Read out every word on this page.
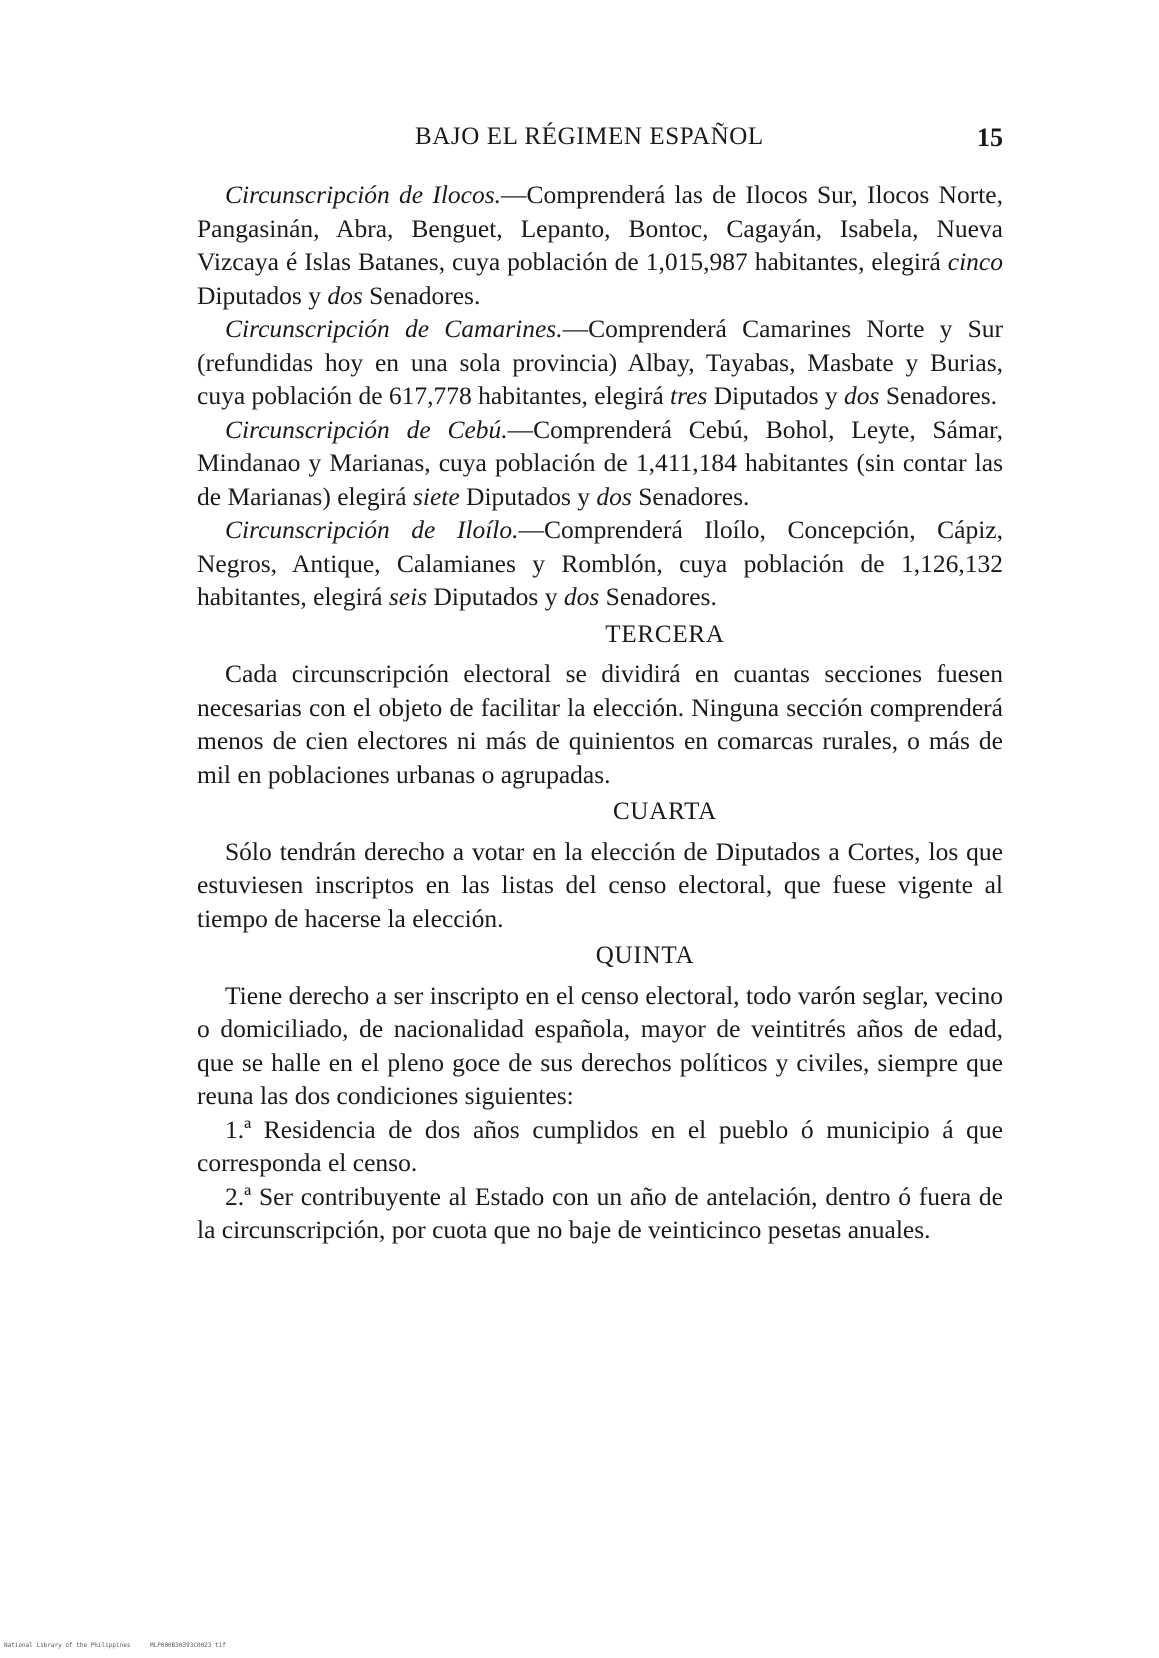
BAJO EL RÉGIMEN ESPAÑOL	15

Circunscripción de Ilocos.—Comprenderá las de Ilocos Sur, Ilocos Norte, Pangasinán, Abra, Benguet, Lepanto, Bontoc, Cagayán, Isabela, Nueva Vizcaya é Islas Batanes, cuya población de 1,015,987 habitantes, elegirá cinco Diputados y dos Senadores.

Circunscripción de Camarines.—Comprenderá Camarines Norte y Sur (refundidas hoy en una sola provincia) Albay, Tayabas, Masbate y Burias, cuya población de 617,778 habitantes, elegirá tres Diputados y dos Senadores.

Circunscripción de Cebú.—Comprenderá Cebú, Bohol, Leyte, Sámar, Mindanao y Marianas, cuya población de 1,411,184 habitantes (sin contar las de Marianas) elegirá siete Diputados y dos Senadores.

Circunscripción de Iloílo.—Comprenderá Iloílo, Concepción, Cápiz, Negros, Antique, Calamianes y Romblón, cuya población de 1,126,132 habitantes, elegirá seis Diputados y dos Senadores.

TERCERA

Cada circunscripción electoral se dividirá en cuantas secciones fuesen necesarias con el objeto de facilitar la elección. Ninguna sección comprenderá menos de cien electores ni más de quinientos en comarcas rurales, o más de mil en poblaciones urbanas o agrupadas.

CUARTA

Sólo tendrán derecho a votar en la elección de Diputados a Cortes, los que estuviesen inscriptos en las listas del censo electoral, que fuese vigente al tiempo de hacerse la elección.

QUINTA

Tiene derecho a ser inscripto en el censo electoral, todo varón seglar, vecino o domiciliado, de nacionalidad española, mayor de veintitrés años de edad, que se halle en el pleno goce de sus derechos políticos y civiles, siempre que reuna las dos condiciones siguientes:

1.ª Residencia de dos años cumplidos en el pueblo ó municipio á que corresponda el censo.

2.ª Ser contribuyente al Estado con un año de antelación, dentro ó fuera de la circunscripción, por cuota que no baje de veinticinco pesetas anuales.

National Library of the Philippines	MLP000B30393C0023 tif
